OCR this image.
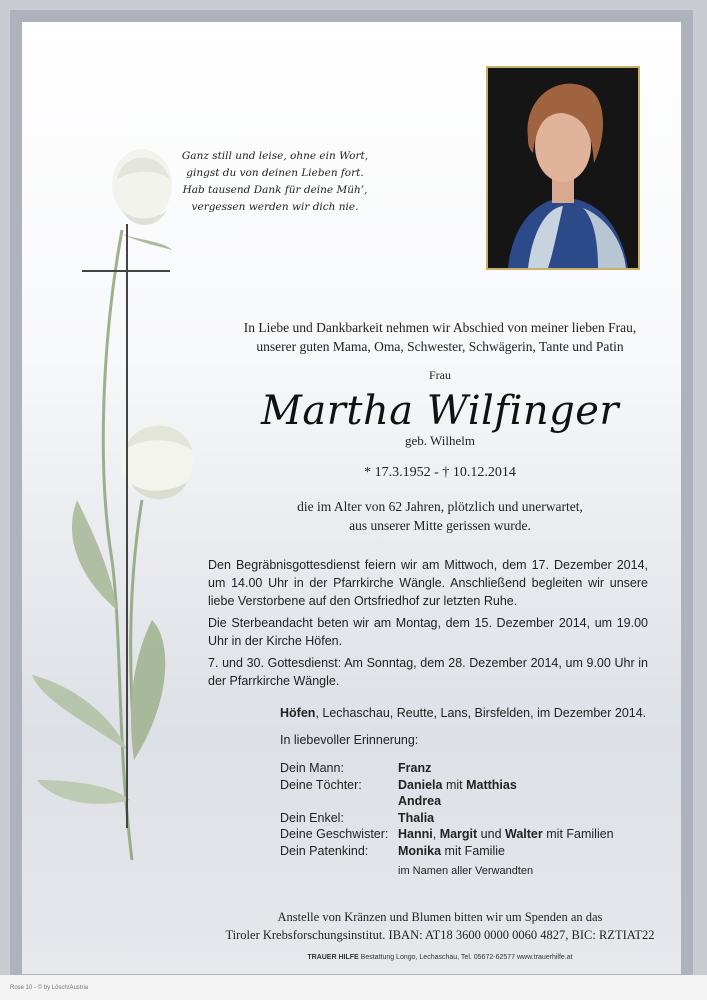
Rose 10 - © by Lösch/Austria
Ganz still und leise, ohne ein Wort,
gingst du von deinen Lieben fort.
Hab tausend Dank für deine Müh’,
vergessen werden wir dich nie.
In Liebe und Dankbarkeit nehmen wir Abschied von meiner lieben Frau,
unserer guten Mama, Oma, Schwester, Schwägerin, Tante und Patin
Frau
Martha Wilfinger
geb. Wilhelm
* 17.3.1952 - † 10.12.2014
die im Alter von 62 Jahren, plötzlich und unerwartet,
aus unserer Mitte gerissen wurde.
Den Begräbnisgottesdienst feiern wir am Mittwoch, dem 17. Dezember 2014, um 14.00 Uhr in der Pfarrkirche Wängle. Anschließend begleiten wir unsere liebe Verstorbene auf den Ortsfriedhof zur letzten Ruhe.
Die Sterbeandacht beten wir am Montag, dem 15. Dezember 2014, um 19.00 Uhr in der Kirche Höfen.
7. und 30. Gottesdienst: Am Sonntag, dem 28. Dezember 2014, um 9.00 Uhr in der Pfarrkirche Wängle.
Höfen, Lechaschau, Reutte, Lans, Birsfelden, im Dezember 2014.
In liebevoller Erinnerung:
Dein Mann:	Franz
Deine Töchter:	Daniela mit Matthias
Andrea
Dein Enkel:	Thalia
Deine Geschwister: Hanni, Margit und Walter mit Familien
Dein Patenkind: Monika mit Familie
im Namen aller Verwandten
Anstelle von Kränzen und Blumen bitten wir um Spenden an das
Tiroler Krebsforschungsinstitut. IBAN: AT18 3600 0000 0060 4827, BIC: RZTIAT22
TRAUER HILFE Bestattung Longo, Lechaschau, Tel. 05672-62577 www.trauerhilfe.at
